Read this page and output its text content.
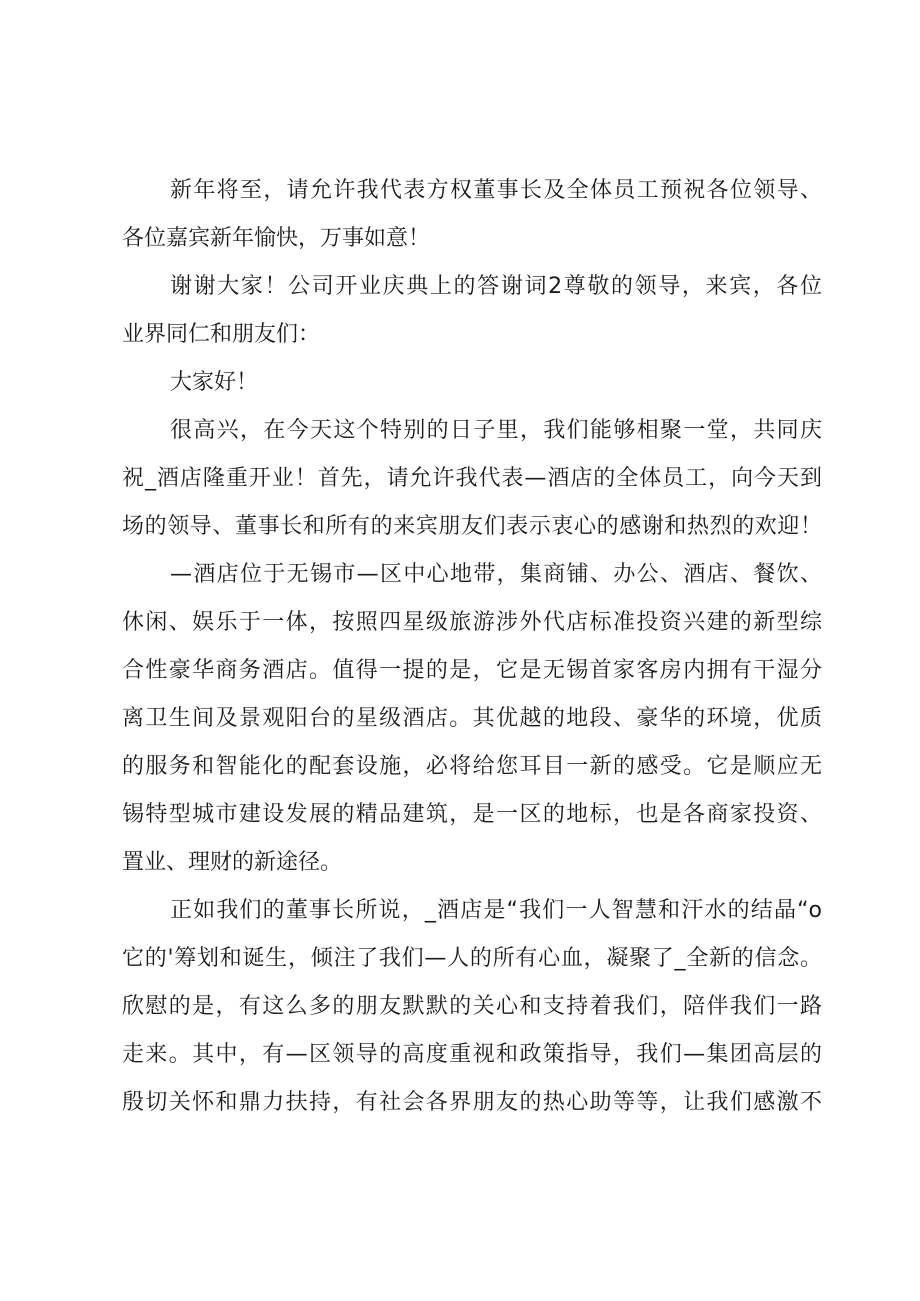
新年将至，请允许我代表方权董事长及全体员工预祝各位领导、

各位嘉宾新年愉快，万事如意！

谢谢大家！公司开业庆典上的答谢词2尊敬的领导，来宾，各位

业界同仁和朋友们：

大家好！

很高兴，在今天这个特别的日子里，我们能够相聚一堂，共同庆

祝_酒店隆重开业！首先，请允许我代表—酒店的全体员工，向今天到

场的领导、董事长和所有的来宾朋友们表示衷心的感谢和热烈的欢迎！

—酒店位于无锡市—区中心地带，集商铺、办公、酒店、餐饮、

休闲、娱乐于一体，按照四星级旅游涉外代店标准投资兴建的新型综

合性豪华商务酒店。值得一提的是，它是无锡首家客房内拥有干湿分

离卫生间及景观阳台的星级酒店。其优越的地段、豪华的环境，优质

的服务和智能化的配套设施，必将给您耳目一新的感受。它是顺应无

锡特型城市建设发展的精品建筑，是一区的地标，也是各商家投资、

置业、理财的新途径。

正如我们的董事长所说，_酒店是“我们一人智慧和汗水的结晶“o

它的'筹划和诞生，倾注了我们—人的所有心血，凝聚了_全新的信念。

欣慰的是，有这么多的朋友默默的关心和支持着我们，陪伴我们一路

走来。其中，有—区领导的高度重视和政策指导，我们—集团高层的

殷切关怀和鼎力扶持，有社会各界朋友的热心助等等，让我们感激不
